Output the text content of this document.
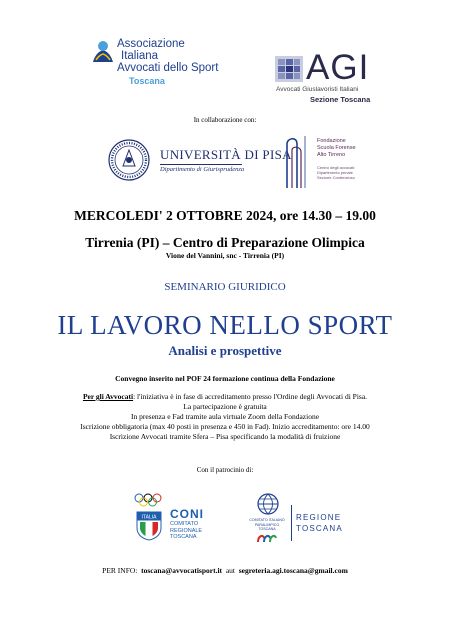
Associazione
Italiana
Avvocati dello Sport
Toscana	AGI
Avvocati Giuslavoristi Italiani
Sezione Toscana
In collaborazione con:
UNIVERSITÀ DI PISA
Dipartimento di Giurisprudenza
Fondazione
Scuola Forense
Alto Tirreno
Centro degli avvocati
Dipartimento penale
Sezione Contenzioso
MERCOLEDI' 2 OTTOBRE 2024, ore 14.30 – 19.00
Tirrenia (PI) – Centro di Preparazione Olimpica
Vione del Vannini, snc - Tirrenia (PI)
SEMINARIO GIURIDICO
IL LAVORO NELLO SPORT
Analisi e prospettive
Convegno inserito nel POF 24 formazione continua della Fondazione
Per gli Avvocati: l'iniziativa è in fase di accreditamento presso l'Ordine degli Avvocati di Pisa.
La partecipazione è gratuita
In presenza e Fad tramite aula virtuale Zoom della Fondazione
Iscrizione obbligatoria (max 40 posti in presenza e 450 in Fad). Inizio accreditamento: ore 14.00
Iscrizione Avvocati tramite Sfera – Pisa specificando la modalità di fruizione
Con il patrocinio di:
ITALIA CONI
COMITATO
REGIONALE
TOSCANA
COMITATO ITALIANO
PARALIMPICO
TOSCANA
REGIONE
TOSCANA
PER INFO: toscana@avvocatisport.it aut segreteria.agi.toscana@gmail.com
